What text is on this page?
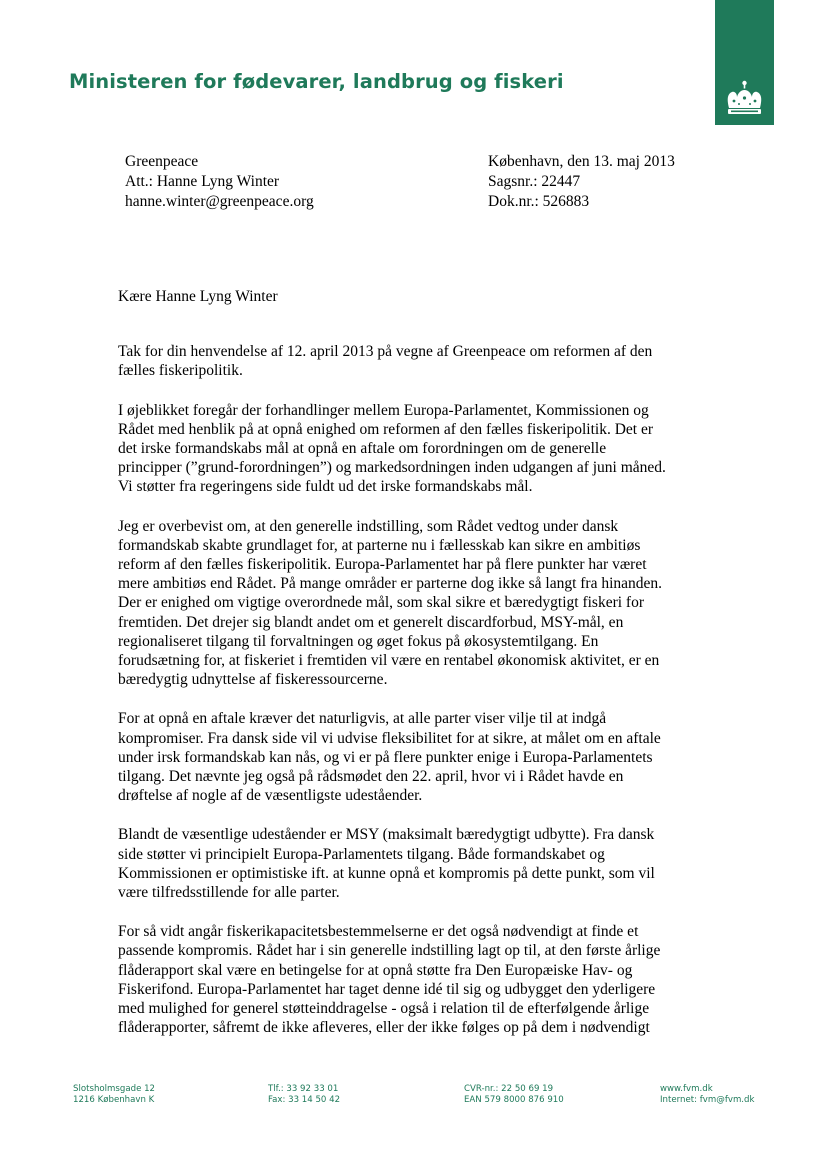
Ministeren for fødevarer, landbrug og fiskeri
Greenpeace
Att.: Hanne Lyng Winter
hanne.winter@greenpeace.org
København, den 13. maj 2013
Sagsnr.: 22447
Dok.nr.: 526883

Kære Hanne Lyng Winter

Tak for din henvendelse af 12. april 2013 på vegne af Greenpeace om reformen af den
fælles fiskeripolitik.

I øjeblikket foregår der forhandlinger mellem Europa-Parlamentet, Kommissionen og
Rådet med henblik på at opnå enighed om reformen af den fælles fiskeripolitik. Det er
det irske formandskabs mål at opnå en aftale om forordningen om de generelle
principper (”grund-forordningen”) og markedsordningen inden udgangen af juni måned.
Vi støtter fra regeringens side fuldt ud det irske formandskabs mål.

Jeg er overbevist om, at den generelle indstilling, som Rådet vedtog under dansk
formandskab skabte grundlaget for, at parterne nu i fællesskab kan sikre en ambitiøs
reform af den fælles fiskeripolitik. Europa-Parlamentet har på flere punkter har været
mere ambitiøs end Rådet. På mange områder er parterne dog ikke så langt fra hinanden.
Der er enighed om vigtige overordnede mål, som skal sikre et bæredygtigt fiskeri for
fremtiden. Det drejer sig blandt andet om et generelt discardforbud, MSY-mål, en
regionaliseret tilgang til forvaltningen og øget fokus på økosystemtilgang. En
forudsætning for, at fiskeriet i fremtiden vil være en rentabel økonomisk aktivitet, er en
bæredygtig udnyttelse af fiskeressourcerne.

For at opnå en aftale kræver det naturligvis, at alle parter viser vilje til at indgå
kompromiser. Fra dansk side vil vi udvise fleksibilitet for at sikre, at målet om en aftale
under irsk formandskab kan nås, og vi er på flere punkter enige i Europa-Parlamentets
tilgang. Det nævnte jeg også på rådsmødet den 22. april, hvor vi i Rådet havde en
drøftelse af nogle af de væsentligste udeståender.

Blandt de væsentlige udeståender er MSY (maksimalt bæredygtigt udbytte). Fra dansk
side støtter vi principielt Europa-Parlamentets tilgang. Både formandskabet og
Kommissionen er optimistiske ift. at kunne opnå et kompromis på dette punkt, som vil
være tilfredsstillende for alle parter.

For så vidt angår fiskerikapacitetsbestemmelserne er det også nødvendigt at finde et
passende kompromis. Rådet har i sin generelle indstilling lagt op til, at den første årlige
flåderapport skal være en betingelse for at opnå støtte fra Den Europæiske Hav- og
Fiskerifond. Europa-Parlamentet har taget denne idé til sig og udbygget den yderligere
med mulighed for generel støtteinddragelse - også i relation til de efterfølgende årlige
flåderapporter, såfremt de ikke afleveres, eller der ikke følges op på dem i nødvendigt

Slotsholmsgade 12
1216 København K
Tlf.: 33 92 33 01
Fax: 33 14 50 42
CVR-nr.: 22 50 69 19
EAN 579 8000 876 910
www.fvm.dk
Internet: fvm@fvm.dk
